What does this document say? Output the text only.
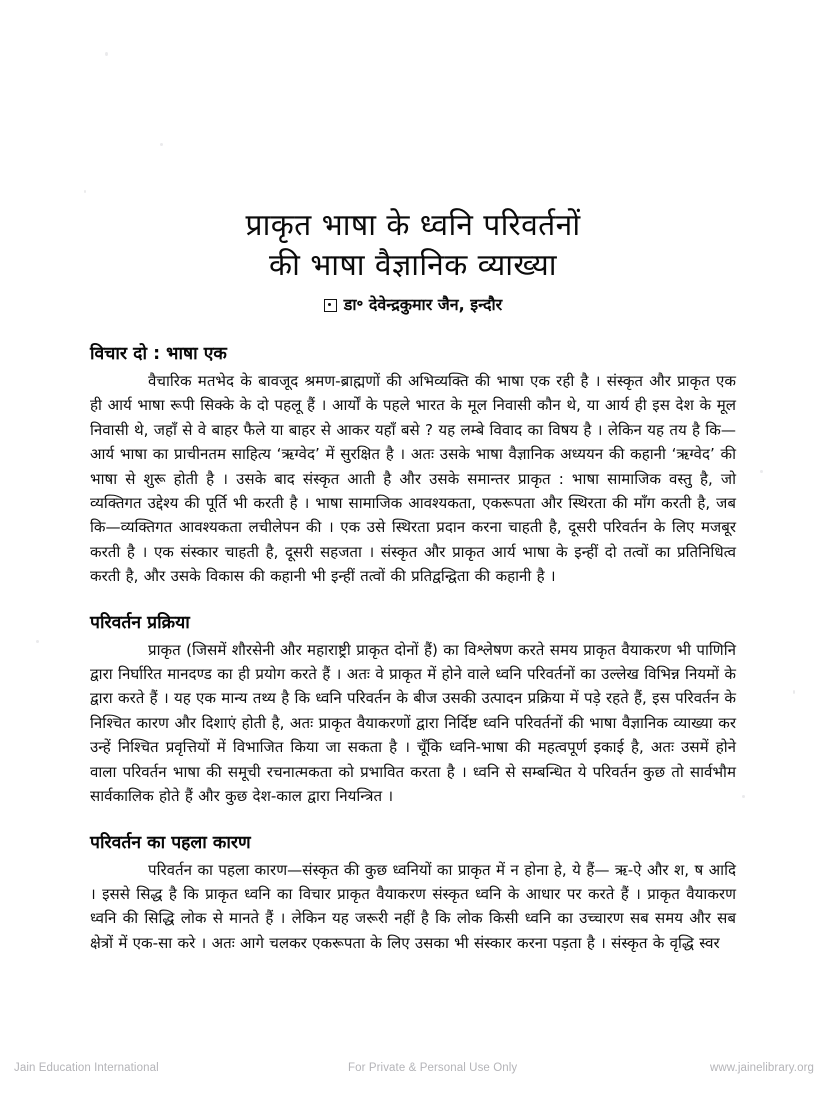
प्राकृत भाषा के ध्वनि परिवर्तनों
की भाषा वैज्ञानिक व्याख्या
डा॰ देवेन्द्रकुमार जैन, इन्दौर
विचार दो : भाषा एक

वैचारिक मतभेद के बावजूद श्रमण-ब्राह्मणों की अभिव्यक्ति की भाषा एक रही है । संस्कृत और प्राकृत एक ही आर्य भाषा रूपी सिक्के के दो पहलू हैं । आर्यों के पहले भारत के मूल निवासी कौन थे, या आर्य ही इस देश के मूल निवासी थे, जहाँ से वे बाहर फैले या बाहर से आकर यहाँ बसे ? यह लम्बे विवाद का विषय है । लेकिन यह तय है कि—आर्य भाषा का प्राचीनतम साहित्य ‘ऋग्वेद’ में सुरक्षित है । अतः उसके भाषा वैज्ञानिक अध्ययन की कहानी ‘ऋग्वेद’ की भाषा से शुरू होती है । उसके बाद संस्कृत आती है और उसके समान्तर प्राकृत : भाषा सामाजिक वस्तु है, जो व्यक्तिगत उद्देश्य की पूर्ति भी करती है । भाषा सामाजिक आवश्यकता, एकरूपता और स्थिरता की माँग करती है, जब कि—व्यक्तिगत आवश्यकता लचीलेपन की । एक उसे स्थिरता प्रदान करना चाहती है, दूसरी परिवर्तन के लिए मजबूर करती है । एक संस्कार चाहती है, दूसरी सहजता । संस्कृत और प्राकृत आर्य भाषा के इन्हीं दो तत्वों का प्रतिनिधित्व करती है, और उसके विकास की कहानी भी इन्हीं तत्वों की प्रतिद्वन्द्विता की कहानी है ।

परिवर्तन प्रक्रिया

प्राकृत (जिसमें शौरसेनी और महाराष्ट्री प्राकृत दोनों हैं) का विश्लेषण करते समय प्राकृत वैयाकरण भी पाणिनि द्वारा निर्घारित मानदण्ड का ही प्रयोग करते हैं । अतः वे प्राकृत में होने वाले ध्वनि परिवर्तनों का उल्लेख विभिन्न नियमों के द्वारा करते हैं । यह एक मान्य तथ्य है कि ध्वनि परिवर्तन के बीज उसकी उत्पादन प्रक्रिया में पड़े रहते हैं, इस परिवर्तन के निश्चित कारण और दिशाएं होती है, अतः प्राकृत वैयाकरणों द्वारा निर्दिष्ट ध्वनि परिवर्तनों की भाषा वैज्ञानिक व्याख्या कर उन्हें निश्चित प्रवृत्तियों में विभाजित किया जा सकता है । चूँकि ध्वनि-भाषा की महत्वपूर्ण इकाई है, अतः उसमें होने वाला परिवर्तन भाषा की समूची रचनात्मकता को प्रभावित करता है । ध्वनि से सम्बन्धित ये परिवर्तन कुछ तो सार्वभौम सार्वकालिक होते हैं और कुछ देश-काल द्वारा नियन्त्रित ।

परिवर्तन का पहला कारण

परिवर्तन का पहला कारण—संस्कृत की कुछ ध्वनियों का प्राकृत में न होना हे, ये हैं— ऋ-ऐ और श, ष आदि । इससे सिद्ध है कि प्राकृत ध्वनि का विचार प्राकृत वैयाकरण संस्कृत ध्वनि के आधार पर करते हैं । प्राकृत वैयाकरण ध्वनि की सिद्धि लोक से मानते हैं । लेकिन यह जरूरी नहीं है कि लोक किसी ध्वनि का उच्चारण सब समय और सब क्षेत्रों में एक-सा करे । अतः आगे चलकर एकरूपता के लिए उसका भी संस्कार करना पड़ता है । संस्कृत के वृद्धि स्वर

Jain Education International	For Private & Personal Use Only	www.jainelibrary.org
